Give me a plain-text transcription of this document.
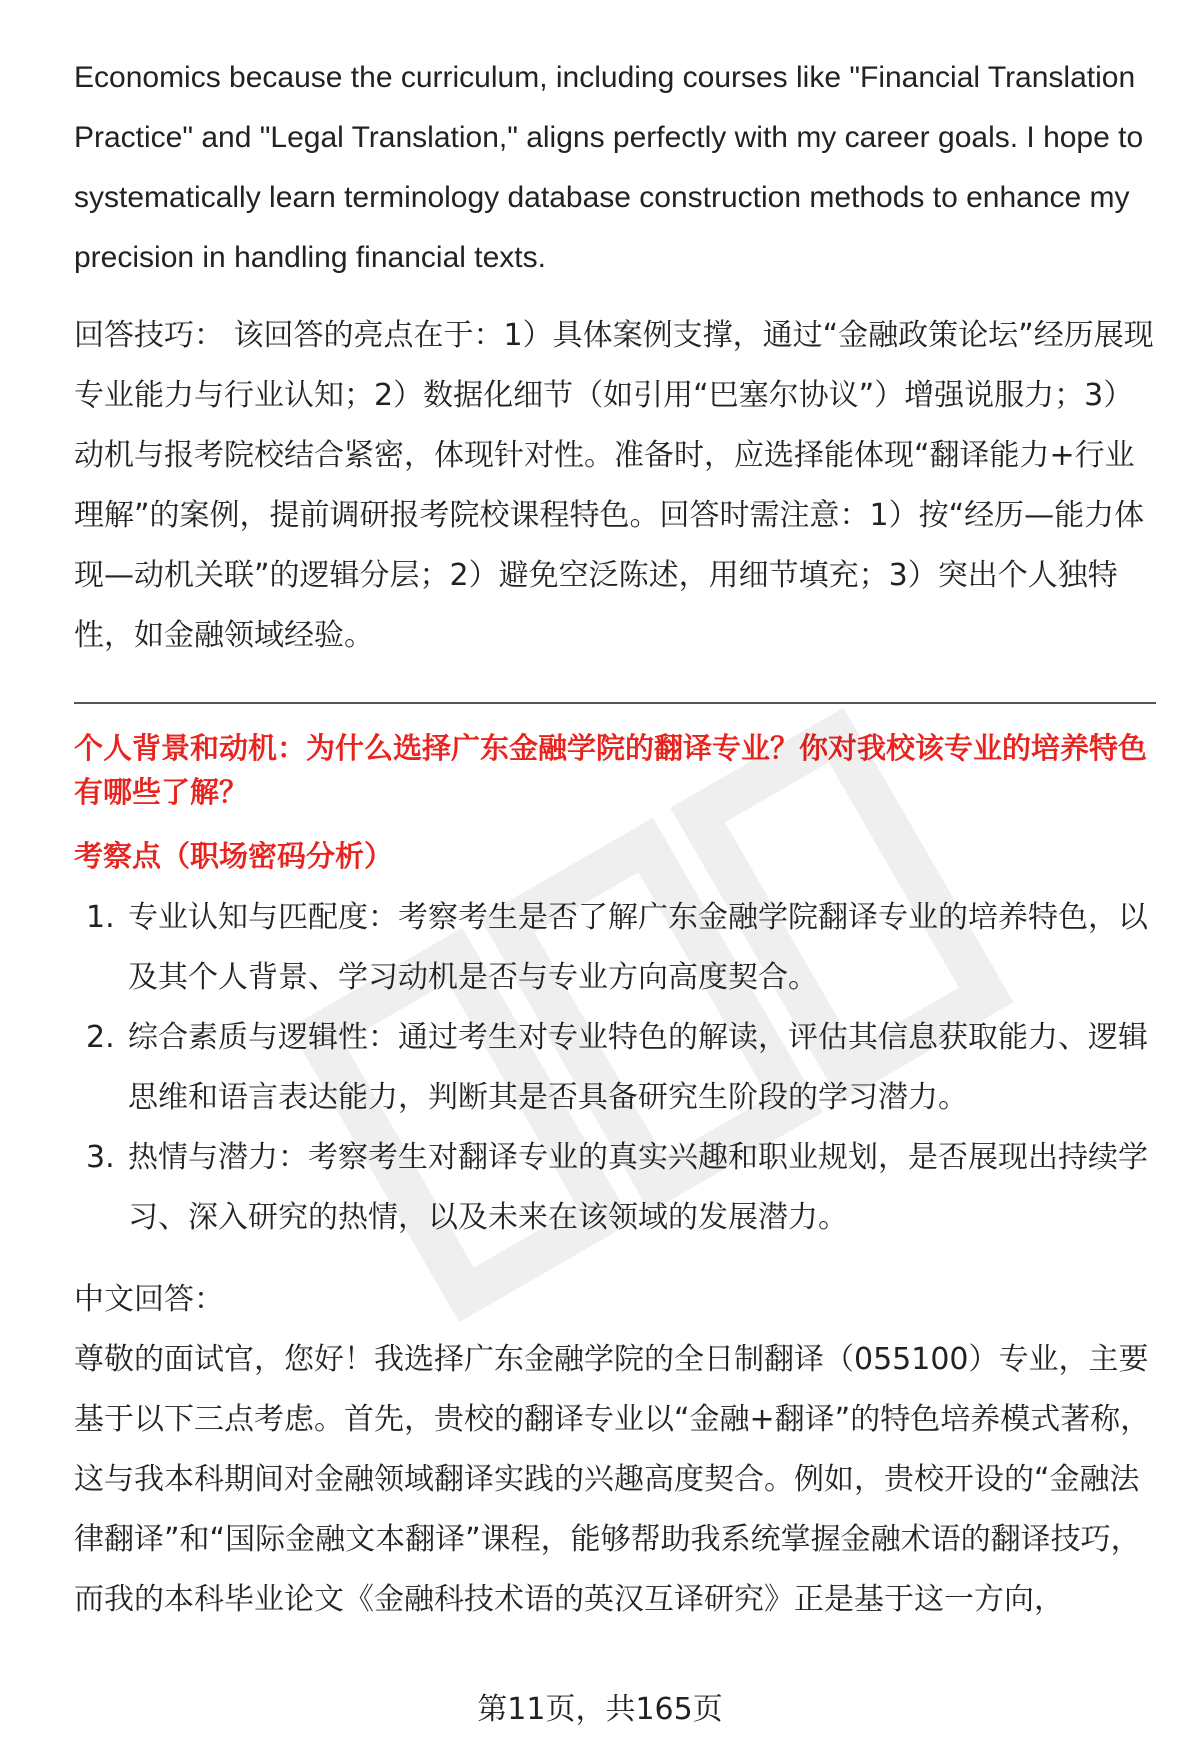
Economics because the curriculum, including courses like "Financial Translation Practice" and "Legal Translation," aligns perfectly with my career goals. I hope to systematically learn terminology database construction methods to enhance my precision in handling financial texts.

回答技巧： 该回答的亮点在于：1）具体案例支撑，通过“金融政策论坛”经历展现专业能力与行业认知；2）数据化细节（如引用“巴塞尔协议”）增强说服力；3）动机与报考院校结合紧密，体现针对性。准备时，应选择能体现“翻译能力+行业理解”的案例，提前调研报考院校课程特色。回答时需注意：1）按“经历—能力体现—动机关联”的逻辑分层；2）避免空泛陈述，用细节填充；3）突出个人独特性，如金融领域经验。

个人背景和动机：为什么选择广东金融学院的翻译专业？你对我校该专业的培养特色有哪些了解？

考察点（职场密码分析）

1. 专业认知与匹配度：考察考生是否了解广东金融学院翻译专业的培养特色，以及其个人背景、学习动机是否与专业方向高度契合。
2. 综合素质与逻辑性：通过考生对专业特色的解读，评估其信息获取能力、逻辑思维和语言表达能力，判断其是否具备研究生阶段的学习潜力。
3. 热情与潜力：考察考生对翻译专业的真实兴趣和职业规划，是否展现出持续学习、深入研究的热情，以及未来在该领域的发展潜力。

中文回答：

尊敬的面试官，您好！我选择广东金融学院的全日制翻译（055100）专业，主要基于以下三点考虑。首先，贵校的翻译专业以“金融+翻译”的特色培养模式著称，这与我本科期间对金融领域翻译实践的兴趣高度契合。例如，贵校开设的“金融法律翻译”和“国际金融文本翻译”课程，能够帮助我系统掌握金融术语的翻译技巧，而我的本科毕业论文《金融科技术语的英汉互译研究》正是基于这一方向，

第11页，共165页
